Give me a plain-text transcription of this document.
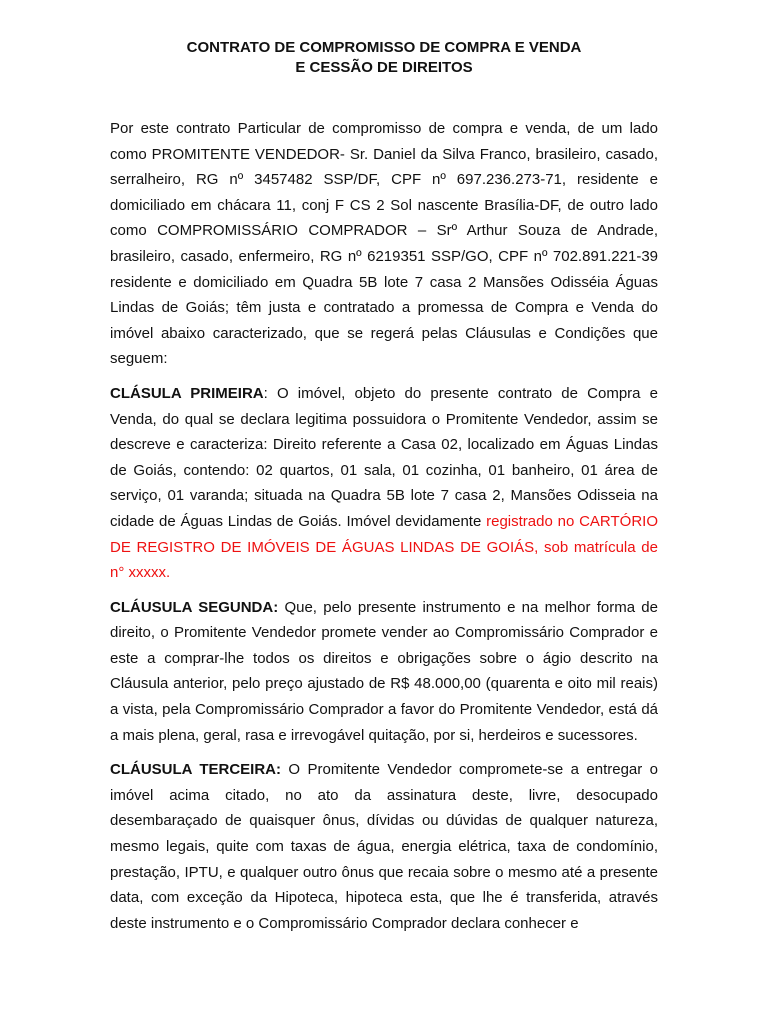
CONTRATO DE COMPROMISSO DE COMPRA E VENDA
E CESSÃO DE DIREITOS

Por este contrato Particular de compromisso de compra e venda, de um lado como PROMITENTE VENDEDOR- Sr. Daniel da Silva Franco, brasileiro, casado, serralheiro, RG nº 3457482 SSP/DF, CPF nº 697.236.273-71, residente e domiciliado em chácara 11, conj F CS 2 Sol nascente Brasília-DF, de outro lado como COMPROMISSÁRIO COMPRADOR – Srº Arthur Souza de Andrade, brasileiro, casado, enfermeiro, RG nº 6219351 SSP/GO, CPF nº 702.891.221-39 residente e domiciliado em Quadra 5B lote 7 casa 2 Mansões Odisséia Águas Lindas de Goiás; têm justa e contratado a promessa de Compra e Venda do imóvel abaixo caracterizado, que se regerá pelas Cláusulas e Condições que seguem:

CLÁSULA PRIMEIRA: O imóvel, objeto do presente contrato de Compra e Venda, do qual se declara legitima possuidora o Promitente Vendedor, assim se descreve e caracteriza: Direito referente a Casa 02, localizado em Águas Lindas de Goiás, contendo: 02 quartos, 01 sala, 01 cozinha, 01 banheiro, 01 área de serviço, 01 varanda; situada na Quadra 5B lote 7 casa 2, Mansões Odisseia na cidade de Águas Lindas de Goiás. Imóvel devidamente registrado no CARTÓRIO DE REGISTRO DE IMÓVEIS DE ÁGUAS LINDAS DE GOIÁS, sob matrícula de n° xxxxx.

CLÁUSULA SEGUNDA: Que, pelo presente instrumento e na melhor forma de direito, o Promitente Vendedor promete vender ao Compromissário Comprador e este a comprar-lhe todos os direitos e obrigações sobre o ágio descrito na Cláusula anterior, pelo preço ajustado de R$ 48.000,00 (quarenta e oito mil reais) a vista, pela Compromissário Comprador a favor do Promitente Vendedor, está dá a mais plena, geral, rasa e irrevogável quitação, por si, herdeiros e sucessores.

CLÁUSULA TERCEIRA: O Promitente Vendedor compromete-se a entregar o imóvel acima citado, no ato da assinatura deste, livre, desocupado desembaraçado de quaisquer ônus, dívidas ou dúvidas de qualquer natureza, mesmo legais, quite com taxas de água, energia elétrica, taxa de condomínio, prestação, IPTU, e qualquer outro ônus que recaia sobre o mesmo até a presente data, com exceção da Hipoteca, hipoteca esta, que lhe é transferida, através deste instrumento e o Compromissário Comprador declara conhecer e
